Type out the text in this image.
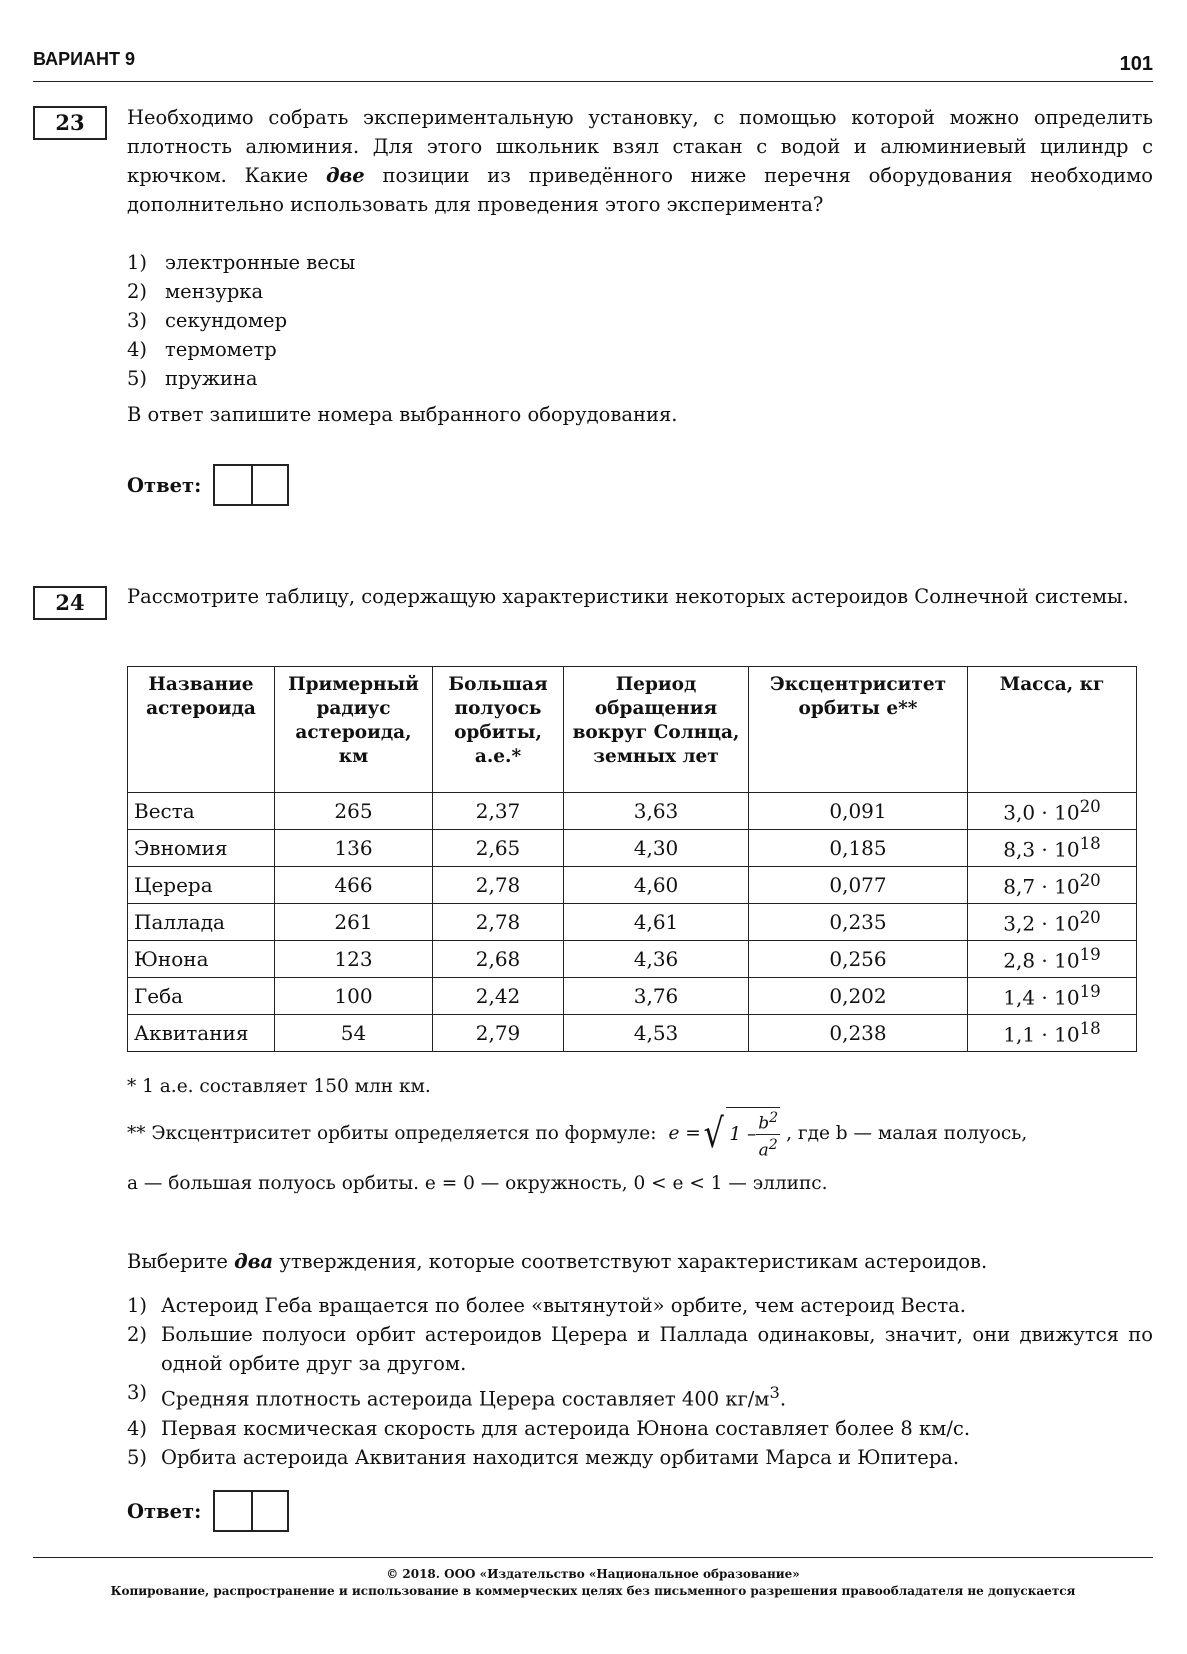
ВАРИАНТ 9	101
23	Необходимо собрать экспериментальную установку, с помощью которой можно определить плотность алюминия. Для этого школьник взял стакан с водой и алюминиевый цилиндр с крючком. Какие две позиции из приведённого ниже перечня оборудования необходимо дополнительно использовать для проведения этого эксперимента?
1) электронные весы
2) мензурка
3) секундомер
4) термометр
5) пружина
В ответ запишите номера выбранного оборудования.
Ответ:
24	Рассмотрите таблицу, содержащую характеристики некоторых астероидов Солнечной системы.
Название астероида	Примерный радиус астероида, км	Большая полуось орбиты, а.е.*	Период обращения вокруг Солнца, земных лет	Эксцентриситет орбиты e**	Масса, кг
Веста	265	2,37	3,63	0,091	$3,0 \cdot 10^{20}$
Эвномия	136	2,65	4,30	0,185	$8,3 \cdot 10^{18}$
Церера	466	2,78	4,60	0,077	$8,7 \cdot 10^{20}$
Паллада	261	2,78	4,61	0,235	$3,2 \cdot 10^{20}$
Юнона	123	2,68	4,36	0,256	$2,8 \cdot 10^{19}$
Геба	100	2,42	3,76	0,202	$1,4 \cdot 10^{19}$
Аквитания	54	2,79	4,53	0,238	$1,1 \cdot 10^{18}$
* 1 а.е. составляет 150 млн км.
** Эксцентриситет орбиты определяется по формуле: e = √ $1 - \frac{b^2}{a^2}$ , где b — малая полуось,
a — большая полуось орбиты. e = 0 — окружность, 0 < e < 1 — эллипс.
Выберите два утверждения, которые соответствуют характеристикам астероидов.
1) Астероид Геба вращается по более «вытянутой» орбите, чем астероид Веста.
2) Большие полуоси орбит астероидов Церера и Паллада одинаковы, значит, они движутся по одной орбите друг за другом.
3) Средняя плотность астероида Церера составляет 400 $кг/м^3$.
4) Первая космическая скорость для астероида Юнона составляет более 8 км/с.
5) Орбита астероида Аквитания находится между орбитами Марса и Юпитера.
Ответ:
© 2018. ООО «Издательство «Национальное образование»
Копирование, распространение и использование в коммерческих целях без письменного разрешения правообладателя не допускается
